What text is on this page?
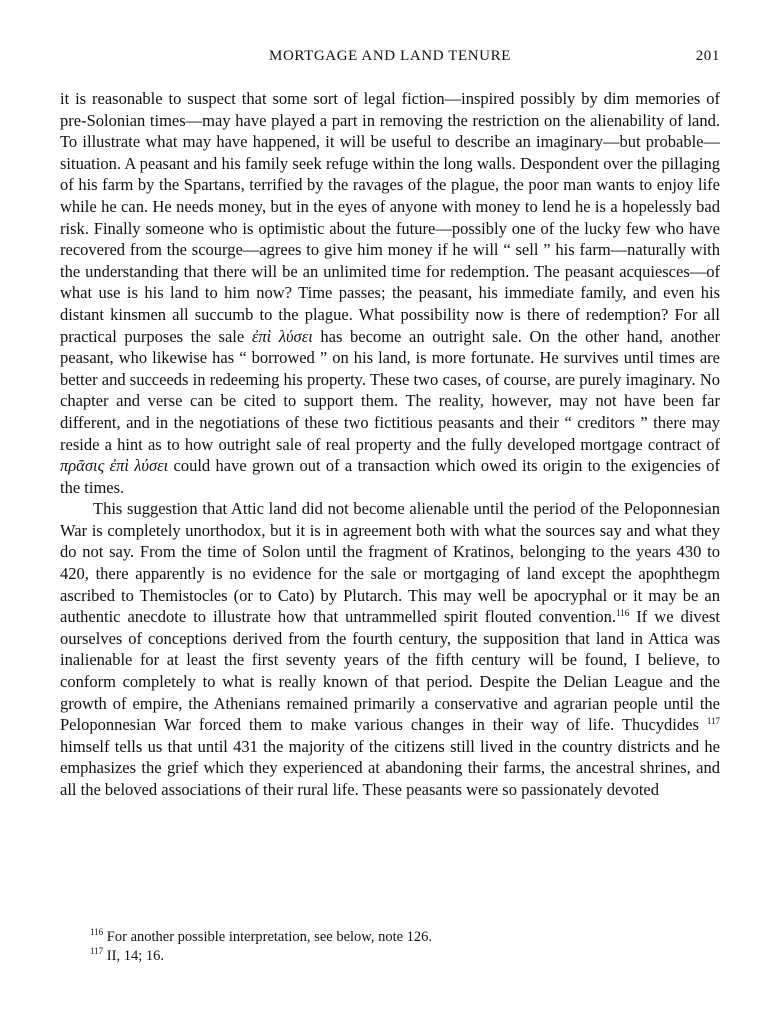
MORTGAGE AND LAND TENURE	201

it is reasonable to suspect that some sort of legal fiction—inspired possibly by dim memories of pre-Solonian times—may have played a part in removing the restriction on the alienability of land. To illustrate what may have happened, it will be useful to describe an imaginary—but probable—situation. A peasant and his family seek refuge within the long walls. Despondent over the pillaging of his farm by the Spartans, terrified by the ravages of the plague, the poor man wants to enjoy life while he can. He needs money, but in the eyes of anyone with money to lend he is a hopelessly bad risk. Finally someone who is optimistic about the future—possibly one of the lucky few who have recovered from the scourge—agrees to give him money if he will “ sell ” his farm—naturally with the understanding that there will be an unlimited time for redemption. The peasant acquiesces—of what use is his land to him now? Time passes; the peasant, his immediate family, and even his distant kinsmen all succumb to the plague. What possibility now is there of redemption? For all practical purposes the sale ἐπὶ λύσει has become an outright sale. On the other hand, another peasant, who likewise has “ borrowed ” on his land, is more fortunate. He survives until times are better and succeeds in redeeming his property. These two cases, of course, are purely imaginary. No chapter and verse can be cited to support them. The reality, however, may not have been far different, and in the negotiations of these two fictitious peasants and their “ creditors ” there may reside a hint as to how outright sale of real property and the fully developed mortgage contract of πρᾶσις ἐπὶ λύσει could have grown out of a transaction which owed its origin to the exigencies of the times.

This suggestion that Attic land did not become alienable until the period of the Peloponnesian War is completely unorthodox, but it is in agreement both with what the sources say and what they do not say. From the time of Solon until the fragment of Kratinos, belonging to the years 430 to 420, there apparently is no evidence for the sale or mortgaging of land except the apophthegm ascribed to Themistocles (or to Cato) by Plutarch. This may well be apocryphal or it may be an authentic anecdote to illustrate how that untrammelled spirit flouted convention.$^{116}$ If we divest ourselves of conceptions derived from the fourth century, the supposition that land in Attica was inalienable for at least the first seventy years of the fifth century will be found, I believe, to conform completely to what is really known of that period. Despite the Delian League and the growth of empire, the Athenians remained primarily a conservative and agrarian people until the Peloponnesian War forced them to make various changes in their way of life. Thucydides $^{117}$ himself tells us that until 431 the majority of the citizens still lived in the country districts and he emphasizes the grief which they experienced at abandoning their farms, the ancestral shrines, and all the beloved associations of their rural life. These peasants were so passionately devoted

$^{116}$ For another possible interpretation, see below, note 126.

$^{117}$ II, 14; 16.
